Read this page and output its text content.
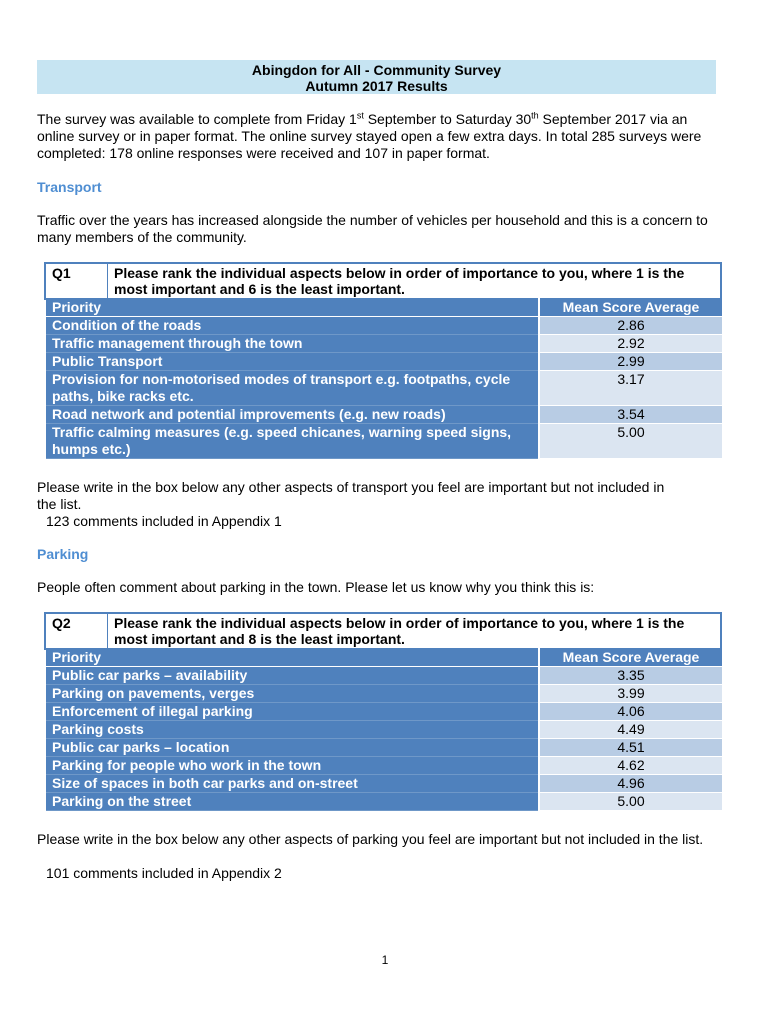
Abingdon for All - Community Survey
Autumn 2017 Results
The survey was available to complete from Friday 1st September to Saturday 30th September 2017 via an online survey or in paper format. The online survey stayed open a few extra days. In total 285 surveys were completed: 178 online responses were received and 107 in paper format.
Transport
Traffic over the years has increased alongside the number of vehicles per household and this is a concern to many members of the community.
Q1	Please rank the individual aspects below in order of importance to you, where 1 is the most important and 6 is the least important.
Priority	Mean Score Average
Condition of the roads	2.86
Traffic management through the town	2.92
Public Transport	2.99
Provision for non-motorised modes of transport e.g. footpaths, cycle paths, bike racks etc.	3.17
Road network and potential improvements (e.g. new roads)	3.54
Traffic calming measures (e.g. speed chicanes, warning speed signs, humps etc.)	5.00
Please write in the box below any other aspects of transport you feel are important but not included in the list.
123 comments included in Appendix 1
Parking
People often comment about parking in the town. Please let us know why you think this is:
Q2	Please rank the individual aspects below in order of importance to you, where 1 is the most important and 8 is the least important.
Priority	Mean Score Average
Public car parks – availability	3.35
Parking on pavements, verges	3.99
Enforcement of illegal parking	4.06
Parking costs	4.49
Public car parks – location	4.51
Parking for people who work in the town	4.62
Size of spaces in both car parks and on-street	4.96
Parking on the street	5.00
Please write in the box below any other aspects of parking you feel are important but not included in the list.
101 comments included in Appendix 2
1
